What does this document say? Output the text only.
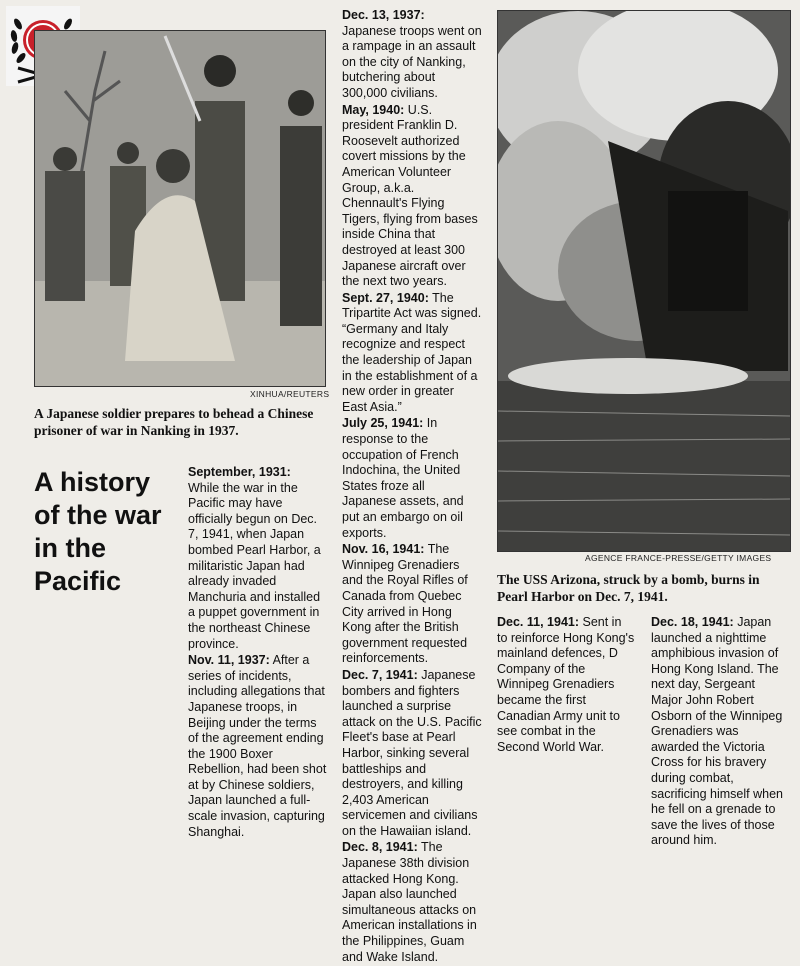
XINHUA/REUTERS
A Japanese soldier prepares to behead a Chinese prisoner of war in Nanking in 1937.
AGENCE FRANCE-PRESSE/GETTY IMAGES
The USS Arizona, struck by a bomb, burns in Pearl Harbor on Dec. 7, 1941.
A history of the war in the Pacific
September, 1931:
While the war in the Pacific may have officially begun on Dec. 7, 1941, when Japan bombed Pearl Harbor, a militaristic Japan had already invaded Manchuria and installed a puppet government in the northeast Chinese province.
Nov. 11, 1937: After a series of incidents, including allegations that Japanese troops, in Beijing under the terms of the agreement ending the 1900 Boxer Rebellion, had been shot at by Chinese soldiers, Japan launched a full-scale invasion, capturing Shanghai.
Dec. 13, 1937: Japanese troops went on a rampage in an assault on the city of Nanking, butchering about 300,000 civilians.
May, 1940: U.S. president Franklin D. Roosevelt authorized covert missions by the American Volunteer Group, a.k.a. Chennault's Flying Tigers, flying from bases inside China that destroyed at least 300 Japanese aircraft over the next two years.
Sept. 27, 1940: The Tripartite Act was signed. “Germany and Italy recognize and respect the leadership of Japan in the establishment of a new order in greater East Asia.”
July 25, 1941: In response to the occupation of French Indochina, the United States froze all Japanese assets, and put an embargo on oil exports.
Nov. 16, 1941: The Winnipeg Grenadiers and the Royal Rifles of Canada from Quebec City arrived in Hong Kong after the British government requested reinforcements.
Dec. 7, 1941: Japanese bombers and fighters launched a surprise attack on the U.S. Pacific Fleet's base at Pearl Harbor, sinking several battleships and destroyers, and killing 2,403 American servicemen and civilians on the Hawaiian island.
Dec. 8, 1941: The Japanese 38th division attacked Hong Kong. Japan also launched simultaneous attacks on American installations in the Philippines, Guam and Wake Island.
Dec. 11, 1941: Sent in to reinforce Hong Kong's mainland defences, D Company of the Winnipeg Grenadiers became the first Canadian Army unit to see combat in the Second World War.
Dec. 18, 1941: Japan launched a nighttime amphibious invasion of Hong Kong Island. The next day, Sergeant Major John Robert Osborn of the Winnipeg Grenadiers was awarded the Victoria Cross for his bravery during combat, sacrificing himself when he fell on a grenade to save the lives of those around him.
